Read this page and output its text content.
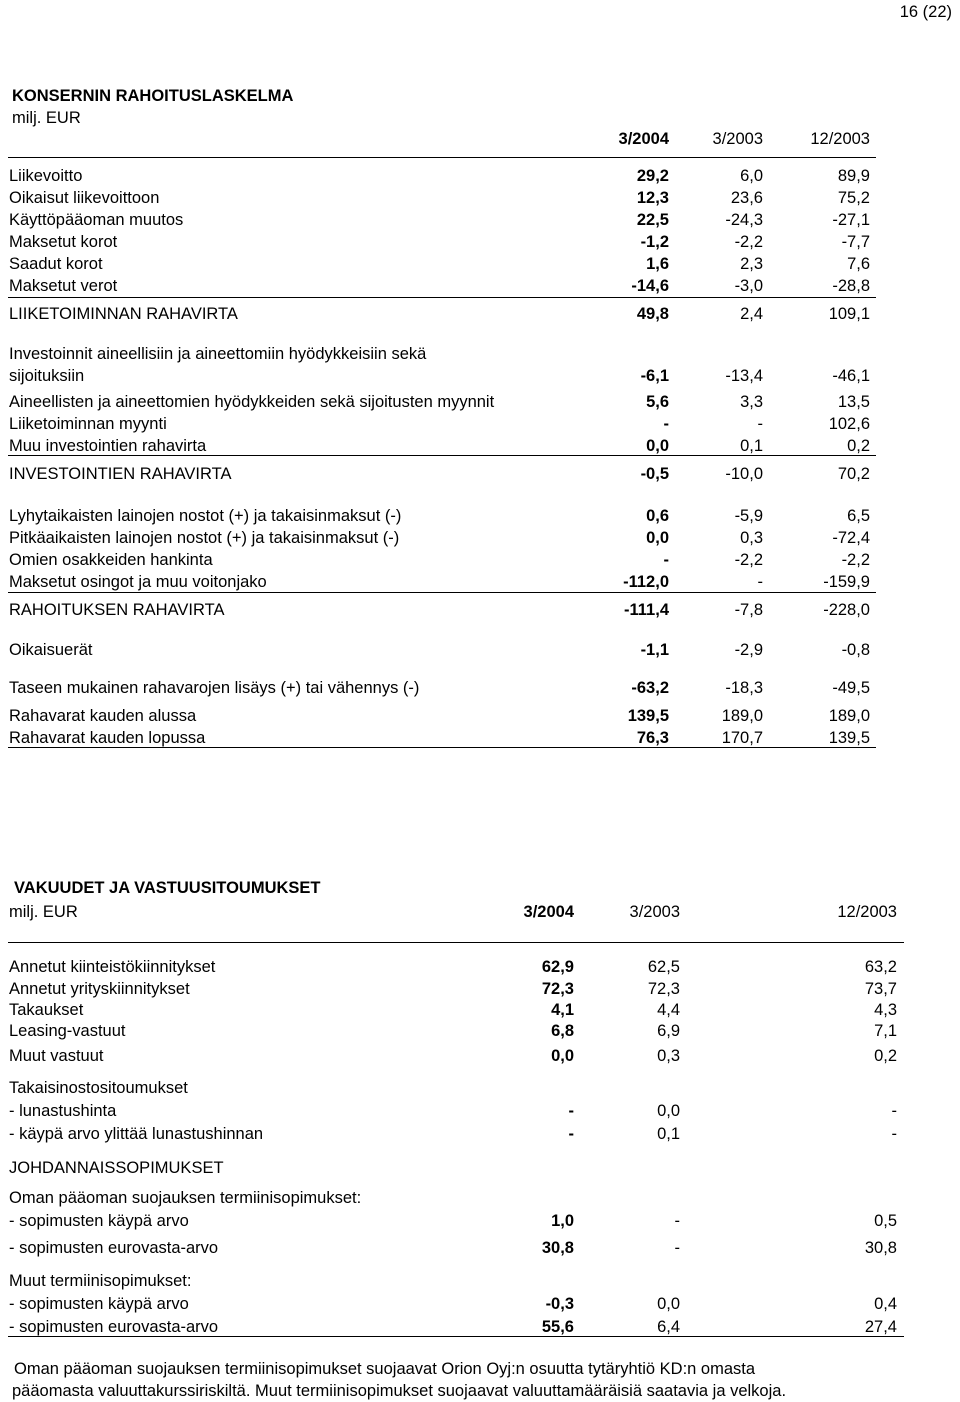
16 (22)
KONSERNIN RAHOITUSLASKELMA
milj. EUR
3/2004	3/2003	12/2003
Liikevoitto	29,2	6,0	89,9
Oikaisut liikevoittoon	12,3	23,6	75,2
Käyttöpääoman muutos	22,5	-24,3	-27,1
Maksetut korot	-1,2	-2,2	-7,7
Saadut korot	1,6	2,3	7,6
Maksetut verot	-14,6	-3,0	-28,8
LIIKETOIMINNAN RAHAVIRTA	49,8	2,4	109,1
Investoinnit aineellisiin ja aineettomiin hyödykkeisiin sekä
sijoituksiin	-6,1	-13,4	-46,1
Aineellisten ja aineettomien hyödykkeiden sekä sijoitusten myynnit	5,6	3,3	13,5
Liiketoiminnan myynti	-	-	102,6
Muu investointien rahavirta	0,0	0,1	0,2
INVESTOINTIEN RAHAVIRTA	-0,5	-10,0	70,2
Lyhytaikaisten lainojen nostot (+) ja takaisinmaksut (-)	0,6	-5,9	6,5
Pitkäaikaisten lainojen nostot (+) ja takaisinmaksut (-)	0,0	0,3	-72,4
Omien osakkeiden hankinta	-	-2,2	-2,2
Maksetut osingot ja muu voitonjako	-112,0	-	-159,9
RAHOITUKSEN RAHAVIRTA	-111,4	-7,8	-228,0
Oikaisuerät	-1,1	-2,9	-0,8
Taseen mukainen rahavarojen lisäys (+) tai vähennys (-)	-63,2	-18,3	-49,5
Rahavarat kauden alussa	139,5	189,0	189,0
Rahavarat kauden lopussa	76,3	170,7	139,5
VAKUUDET JA VASTUUSITOUMUKSET
milj. EUR	3/2004	3/2003	12/2003
Annetut kiinteistökiinnitykset	62,9	62,5	63,2
Annetut yrityskiinnitykset	72,3	72,3	73,7
Takaukset	4,1	4,4	4,3
Leasing-vastuut	6,8	6,9	7,1
Muut vastuut	0,0	0,3	0,2
Takaisinostositoumukset
- lunastushinta	-	0,0	-
- käypä arvo ylittää lunastushinnan	-	0,1	-
JOHDANNAISSOPIMUKSET
Oman pääoman suojauksen termiinisopimukset:
- sopimusten käypä arvo	1,0	-	0,5
- sopimusten eurovasta-arvo	30,8	-	30,8
Muut termiinisopimukset:
- sopimusten käypä arvo	-0,3	0,0	0,4
- sopimusten eurovasta-arvo	55,6	6,4	27,4
Oman pääoman suojauksen termiinisopimukset suojaavat Orion Oyj:n osuutta tytäryhtiö KD:n omasta
pääomasta valuuttakurssiriskiltä. Muut termiinisopimukset suojaavat valuuttamääräisiä saatavia ja velkoja.
